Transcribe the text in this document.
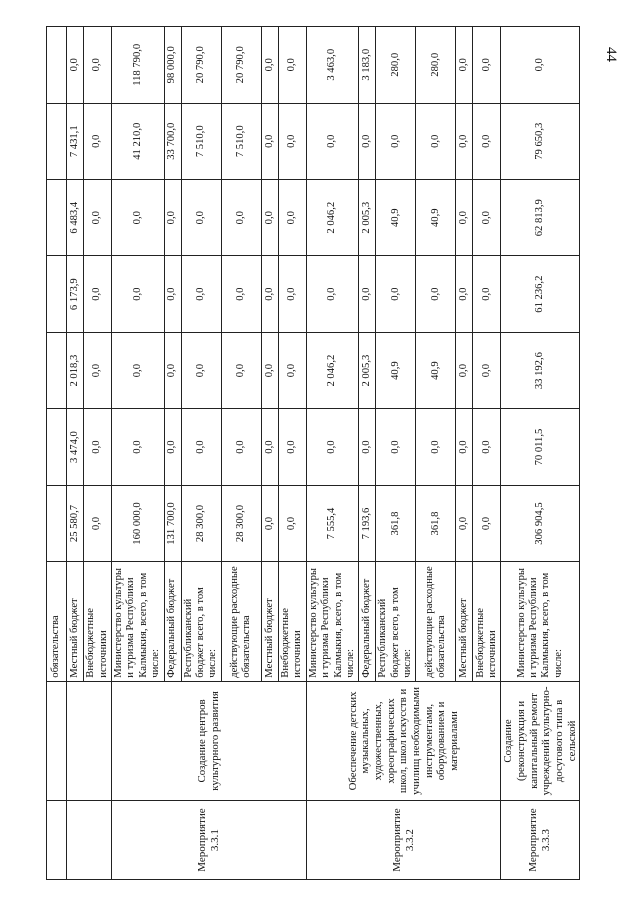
44
		обязательства							
		Местный бюджет	25 580,7	3 474,0	2 018,3	6 173,9	6 483,4	7 431,1	0,0
		Внебюджетные источники	0,0	0,0	0,0	0,0	0,0	0,0	0,0
Мероприятие 3.3.1	Создание центров культурного развития	Министерство культуры и туризма Республики Калмыкия, всего, в том числе:	160 000,0	0,0	0,0	0,0	0,0	41 210,0	118 790,0
		Федеральный бюджет	131 700,0	0,0	0,0	0,0	0,0	33 700,0	98 000,0
		Республиканский бюджет всего, в том числе:	28 300,0	0,0	0,0	0,0	0,0	7 510,0	20 790,0
		действующие расходные обязательства	28 300,0	0,0	0,0	0,0	0,0	7 510,0	20 790,0
		Местный бюджет	0,0	0,0	0,0	0,0	0,0	0,0	0,0
		Внебюджетные источники	0,0	0,0	0,0	0,0	0,0	0,0	0,0
Мероприятие 3.3.2	Обеспечение детских музыкальных, художественных, хореографических школ, школ искусств и училищ необходимыми инструментами, оборудованием и материалами	Министерство культуры и туризма Республики Калмыкия, всего, в том числе:	7 555,4	0,0	2 046,2	0,0	2 046,2	0,0	3 463,0
		Федеральный бюджет	7 193,6	0,0	2 005,3	0,0	2 005,3	0,0	3 183,0
		Республиканский бюджет всего, в том числе:	361,8	0,0	40,9	0,0	40,9	0,0	280,0
		действующие расходные обязательства	361,8	0,0	40,9	0,0	40,9	0,0	280,0
		Местный бюджет	0,0	0,0	0,0	0,0	0,0	0,0	0,0
		Внебюджетные источники	0,0	0,0	0,0	0,0	0,0	0,0	0,0
Мероприятие 3.3.3	Создание (реконструкция и капитальный ремонт учреждений культурно-досугового типа в сельской	Министерство культуры и туризма Республики Калмыкия, всего, в том числе:	306 904,5	70 011,5	33 192,6	61 236,2	62 813,9	79 650,3	0,0
